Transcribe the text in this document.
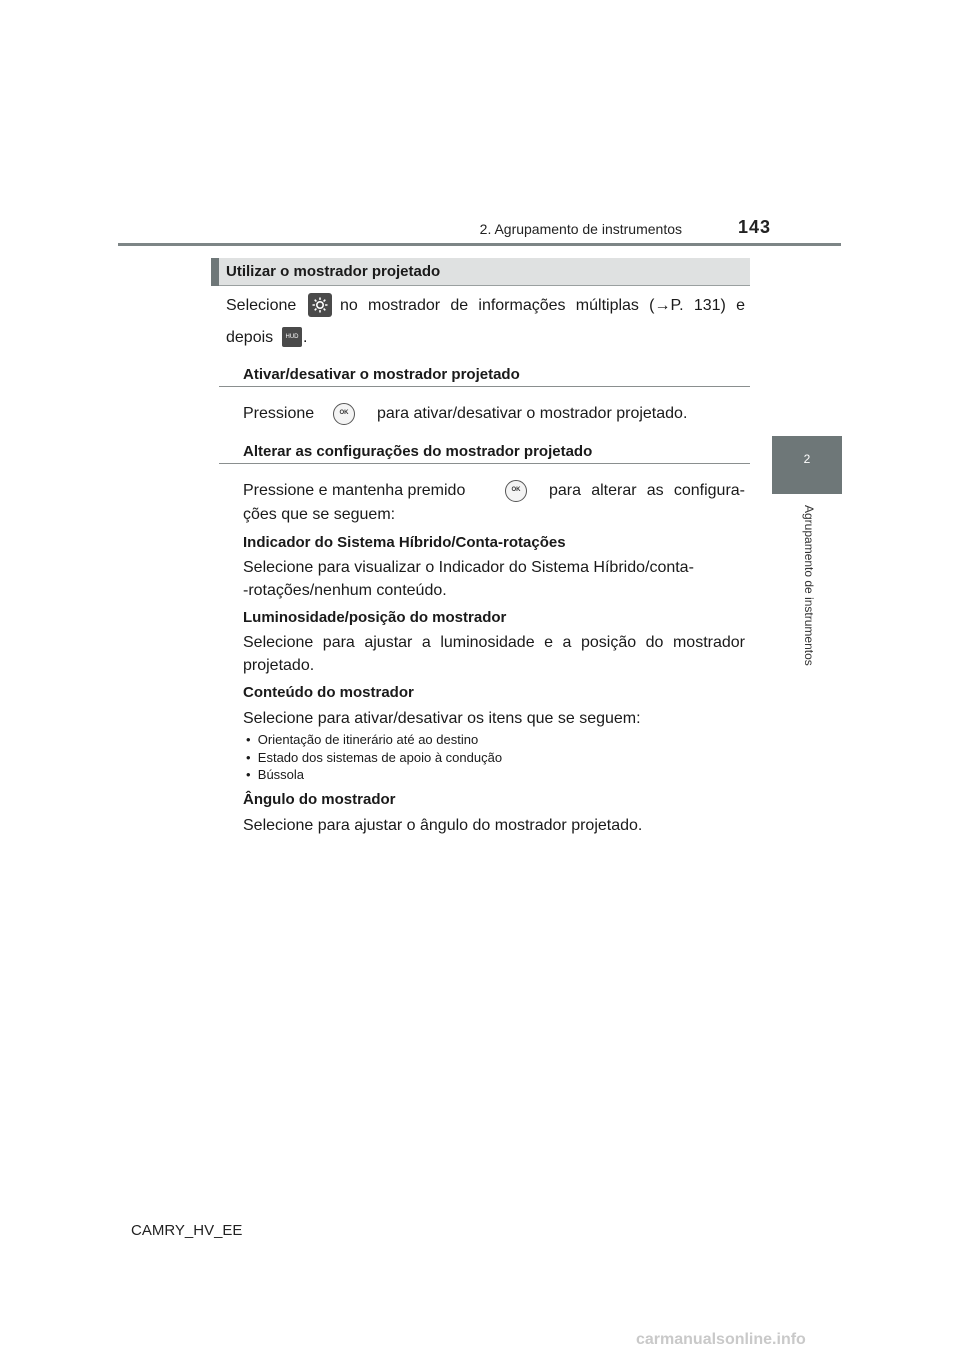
2. Agrupamento de instrumentos	143
2
Agrupamento de instrumentos
Utilizar o mostrador projetado
Selecione	no mostrador de informações múltiplas (→P. 131) e
depois	HUD .
Ativar/desativar o mostrador projetado
Pressione	OK	para ativar/desativar o mostrador projetado.
Alterar as configurações do mostrador projetado
Pressione e mantenha premido	OK	para alterar as configura-
ções que se seguem:
Indicador do Sistema Híbrido/Conta-rotações
Selecione para visualizar o Indicador do Sistema Híbrido/conta-
-rotações/nenhum conteúdo.
Luminosidade/posição do mostrador
Selecione para ajustar a luminosidade e a posição do mostrador
projetado.
Conteúdo do mostrador
Selecione para ativar/desativar os itens que se seguem:
•  Orientação de itinerário até ao destino
•  Estado dos sistemas de apoio à condução
•  Bússola
Ângulo do mostrador
Selecione para ajustar o ângulo do mostrador projetado.
CAMRY_HV_EE
carmanualsonline.info
